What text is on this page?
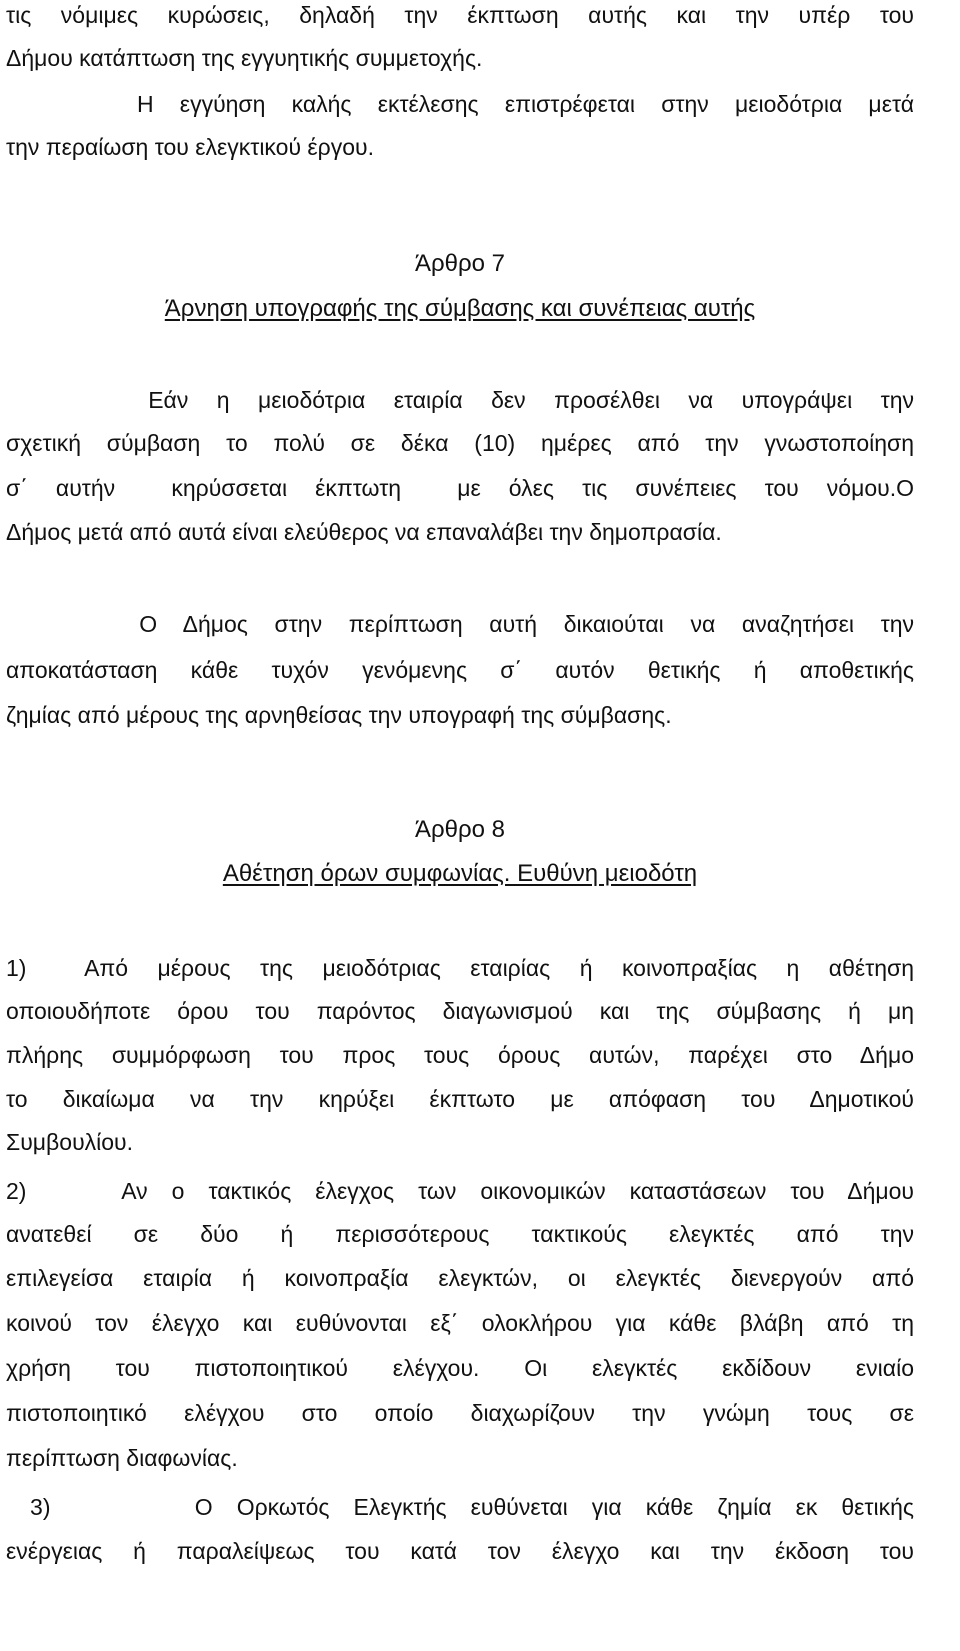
τις νόμιμες κυρώσεις, δηλαδή την έκπτωση αυτής και την υπέρ του
Δήμου κατάπτωση της εγγυητικής συμμετοχής.
Η εγγύηση καλής εκτέλεσης επιστρέφεται στην μειοδότρια μετά
την περαίωση του ελεγκτικού έργου.
Άρθρο 7
Άρνηση υπογραφής της σύμβασης και συνέπειας αυτής
Εάν η μειοδότρια εταιρία δεν προσέλθει να υπογράψει την
σχετική σύμβαση το πολύ σε δέκα (10) ημέρες από την γνωστοποίηση
σ΄ αυτήν  κηρύσσεται έκπτωτη  με όλες τις συνέπειες του νόμου.Ο
Δήμος μετά από αυτά είναι ελεύθερος να επαναλάβει την δημοπρασία.
Ο Δήμος στην περίπτωση αυτή δικαιούται να αναζητήσει την
αποκατάσταση κάθε τυχόν γενόμενης σ΄ αυτόν θετικής ή αποθετικής
ζημίας από μέρους της αρνηθείσας την υπογραφή της σύμβασης.
Άρθρο 8
Αθέτηση όρων συμφωνίας. Ευθύνη μειοδότη
1)  Από μέρους της μειοδότριας εταιρίας ή κοινοπραξίας η αθέτηση
οποιουδήποτε όρου του παρόντος διαγωνισμού και της σύμβασης ή μη
πλήρης συμμόρφωση του προς τους όρους αυτών, παρέχει στο Δήμο
το δικαίωμα να την κηρύξει έκπτωτο με απόφαση του Δημοτικού
Συμβουλίου.
2)    Αν ο τακτικός έλεγχος των οικονομικών καταστάσεων του Δήμου
ανατεθεί σε δύο ή περισσότερους τακτικούς ελεγκτές από την
επιλεγείσα εταιρία ή κοινοπραξία ελεγκτών, οι ελεγκτές διενεργούν από
κοινού τον έλεγχο και ευθύνονται εξ΄ ολοκλήρου για κάθε βλάβη από τη
χρήση του πιστοποιητικού ελέγχου. Οι ελεγκτές εκδίδουν ενιαίο
πιστοποιητικό ελέγχου στο οποίο διαχωρίζουν την γνώμη τους σε
περίπτωση διαφωνίας.
3)      Ο Ορκωτός Ελεγκτής ευθύνεται για κάθε ζημία εκ θετικής
ενέργειας ή παραλείψεως του κατά τον έλεγχο και την έκδοση του
